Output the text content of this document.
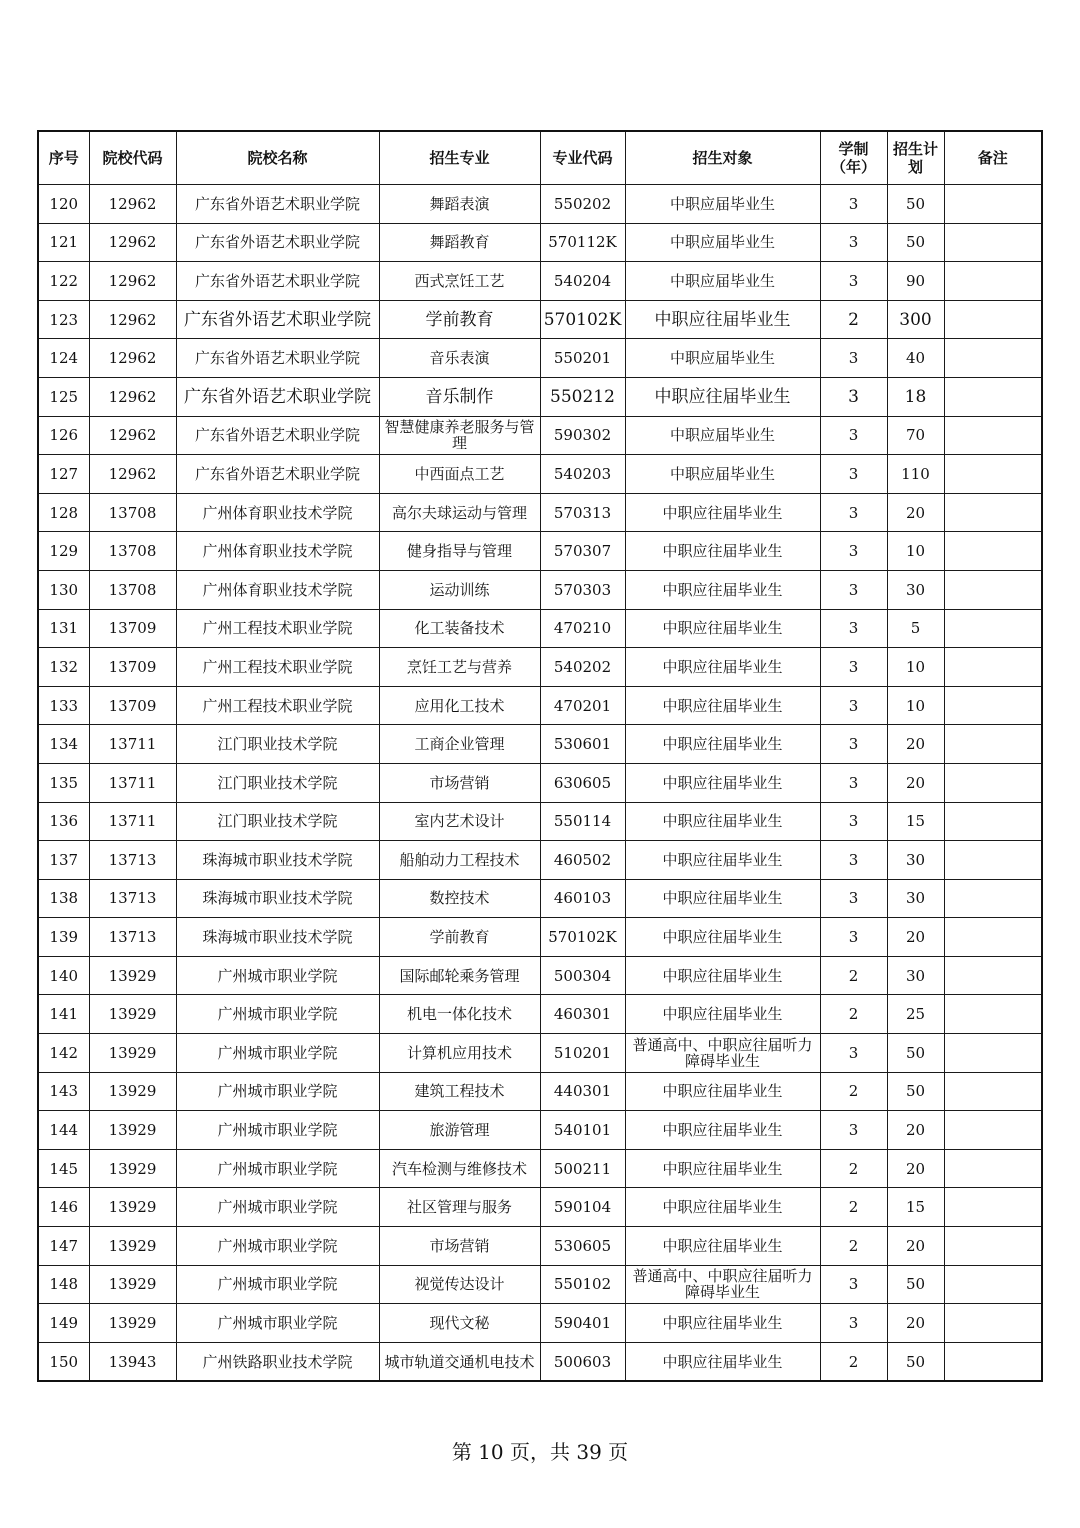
序号	院校代码	院校名称	招生专业	专业代码	招生对象	学制（年）	招生计划	备注
120	12962	广东省外语艺术职业学院	舞蹈表演	550202	中职应届毕业生	3	50	
121	12962	广东省外语艺术职业学院	舞蹈教育	570112K	中职应届毕业生	3	50	
122	12962	广东省外语艺术职业学院	西式烹饪工艺	540204	中职应届毕业生	3	90	
123	12962	广东省外语艺术职业学院	学前教育	570102K	中职应往届毕业生	2	300	
124	12962	广东省外语艺术职业学院	音乐表演	550201	中职应届毕业生	3	40	
125	12962	广东省外语艺术职业学院	音乐制作	550212	中职应往届毕业生	3	18	
126	12962	广东省外语艺术职业学院	智慧健康养老服务与管理	590302	中职应届毕业生	3	70	
127	12962	广东省外语艺术职业学院	中西面点工艺	540203	中职应届毕业生	3	110	
128	13708	广州体育职业技术学院	高尔夫球运动与管理	570313	中职应往届毕业生	3	20	
129	13708	广州体育职业技术学院	健身指导与管理	570307	中职应往届毕业生	3	10	
130	13708	广州体育职业技术学院	运动训练	570303	中职应往届毕业生	3	30	
131	13709	广州工程技术职业学院	化工装备技术	470210	中职应往届毕业生	3	5	
132	13709	广州工程技术职业学院	烹饪工艺与营养	540202	中职应往届毕业生	3	10	
133	13709	广州工程技术职业学院	应用化工技术	470201	中职应往届毕业生	3	10	
134	13711	江门职业技术学院	工商企业管理	530601	中职应往届毕业生	3	20	
135	13711	江门职业技术学院	市场营销	630605	中职应往届毕业生	3	20	
136	13711	江门职业技术学院	室内艺术设计	550114	中职应往届毕业生	3	15	
137	13713	珠海城市职业技术学院	船舶动力工程技术	460502	中职应往届毕业生	3	30	
138	13713	珠海城市职业技术学院	数控技术	460103	中职应往届毕业生	3	30	
139	13713	珠海城市职业技术学院	学前教育	570102K	中职应往届毕业生	3	20	
140	13929	广州城市职业学院	国际邮轮乘务管理	500304	中职应往届毕业生	2	30	
141	13929	广州城市职业学院	机电一体化技术	460301	中职应往届毕业生	2	25	
142	13929	广州城市职业学院	计算机应用技术	510201	普通高中、中职应往届听力障碍毕业生	3	50	
143	13929	广州城市职业学院	建筑工程技术	440301	中职应往届毕业生	2	50	
144	13929	广州城市职业学院	旅游管理	540101	中职应往届毕业生	3	20	
145	13929	广州城市职业学院	汽车检测与维修技术	500211	中职应往届毕业生	2	20	
146	13929	广州城市职业学院	社区管理与服务	590104	中职应往届毕业生	2	15	
147	13929	广州城市职业学院	市场营销	530605	中职应往届毕业生	2	20	
148	13929	广州城市职业学院	视觉传达设计	550102	普通高中、中职应往届听力障碍毕业生	3	50	
149	13929	广州城市职业学院	现代文秘	590401	中职应往届毕业生	3	20	
150	13943	广州铁路职业技术学院	城市轨道交通机电技术	500603	中职应往届毕业生	2	50	
第 10 页，共 39 页
